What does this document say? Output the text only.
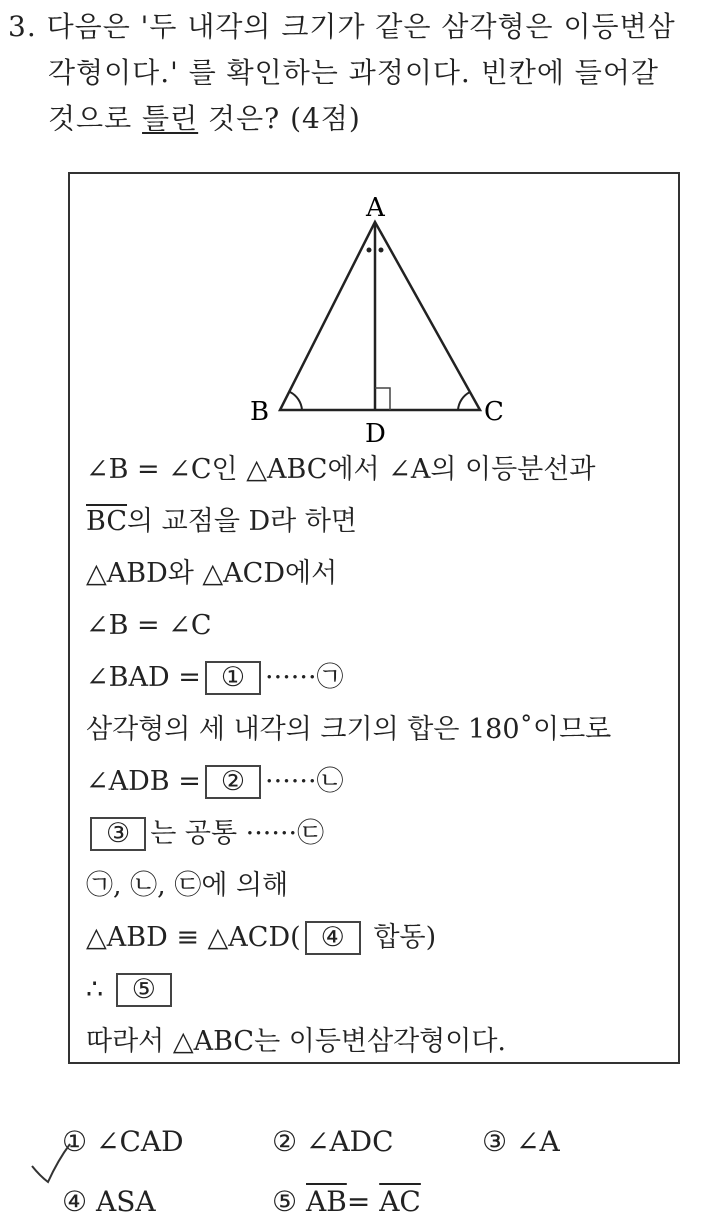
3. 다음은 '두 내각의 크기가 같은 삼각형은 이등변삼
각형이다.' 를 확인하는 과정이다. 빈칸에 들어갈
것으로 틀린 것은? (4점)
A
B	C
D
∠B = ∠C인 △ABC에서 ∠A의 이등분선과
$\overline{BC}$의 교점을 D라 하면
△ABD와 △ACD에서
∠B = ∠C
∠BAD = ① ······㉠
삼각형의 세 내각의 크기의 합은 180˚이므로
∠ADB = ② ······㉡
③ 는 공통 ······㉢
㉠, ㉡, ㉢에 의해
△ABD ≡ △ACD( ④ 합동)
∴ ⑤
따라서 △ABC는 이등변삼각형이다.
① ∠CAD	② ∠ADC	③ ∠A
④ ASA	⑤ $\overline{AB}= \overline{AC}$
